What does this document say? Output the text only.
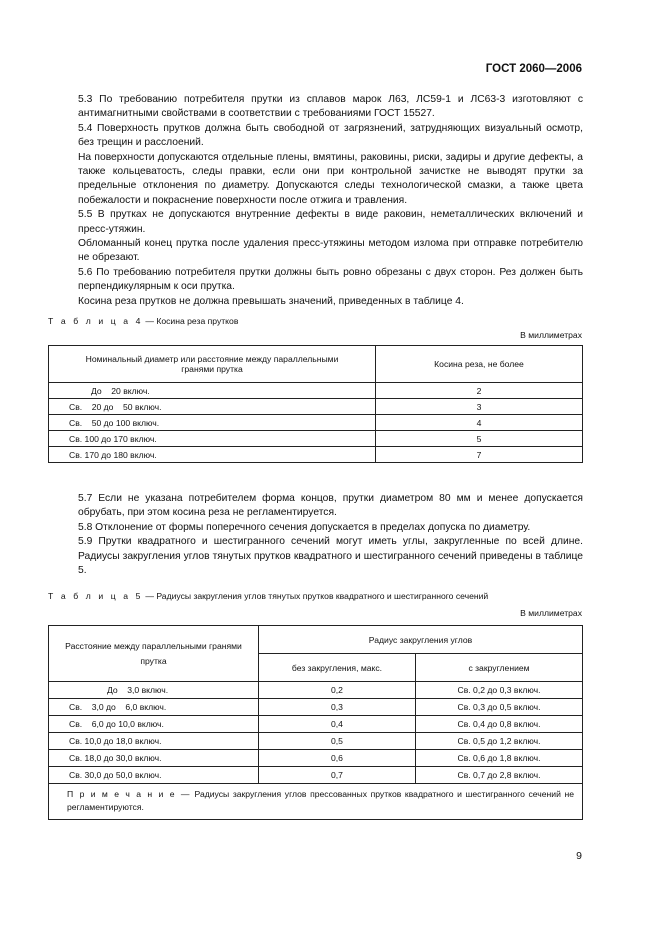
ГОСТ 2060—2006

5.3 По требованию потребителя прутки из сплавов марок Л63, ЛС59-1 и ЛС63-3 изготовляют с антимагнитными свойствами в соответствии с требованиями ГОСТ 15527.

5.4 Поверхность прутков должна быть свободной от загрязнений, затрудняющих визуальный осмотр, без трещин и расслоений.

На поверхности допускаются отдельные плены, вмятины, раковины, риски, задиры и другие дефекты, а также кольцеватость, следы правки, если они при контрольной зачистке не выводят прутки за предельные отклонения по диаметру. Допускаются следы технологической смазки, а также цвета побежалости и покраснение поверхности после отжига и травления.

5.5 В прутках не допускаются внутренние дефекты в виде раковин, неметаллических включений и пресс-утяжин.

Обломанный конец прутка после удаления пресс-утяжины методом излома при отправке потребителю не обрезают.

5.6 По требованию потребителя прутки должны быть ровно обрезаны с двух сторон. Рез должен быть перпендикулярным к оси прутка.

Косина реза прутков не должна превышать значений, приведенных в таблице 4.

Т а б л и ц а 4 — Косина реза прутков
В миллиметрах
Номинальный диаметр или расстояние между параллельными гранями прутка	Косина реза, не более
До    20 включ.	2
Св.    20 до    50 включ.	3
Св.    50 до 100 включ.	4
Св. 100 до 170 включ.	5
Св. 170 до 180 включ.	7

5.7 Если не указана потребителем форма концов, прутки диаметром 80 мм и менее допускается обрубать, при этом косина реза не регламентируется.

5.8 Отклонение от формы поперечного сечения допускается в пределах допуска по диаметру.

5.9 Прутки квадратного и шестигранного сечений могут иметь углы, закругленные по всей длине. Радиусы закругления углов тянутых прутков квадратного и шестигранного сечений приведены в таблице 5.

Т а б л и ц а 5 — Радиусы закругления углов тянутых прутков квадратного и шестигранного сечений
В миллиметрах
Расстояние между параллельными гранями прутка	Радиус закругления углов	
	без закругления, макс.	с закруглением
До    3,0 включ.	0,2	Св. 0,2 до 0,3 включ.
Св.    3,0 до    6,0 включ.	0,3	Св. 0,3 до 0,5 включ.
Св.    6,0 до 10,0 включ.	0,4	Св. 0,4 до 0,8 включ.
Св. 10,0 до 18,0 включ.	0,5	Св. 0,5 до 1,2 включ.
Св. 18,0 до 30,0 включ.	0,6	Св. 0,6 до 1,8 включ.
Св. 30,0 до 50,0 включ.	0,7	Св. 0,7 до 2,8 включ.
П р и м е ч а н и е — Радиусы закругления углов прессованных прутков квадратного и шестигранного сечений не регламентируются.		
9
